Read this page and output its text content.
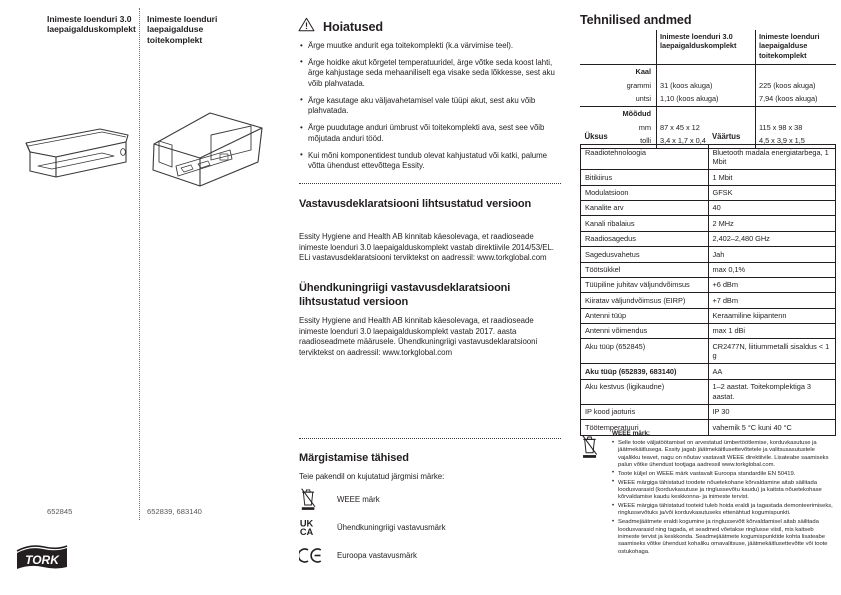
Inimeste loenduri 3.0 laepaigalduskomplekt
Inimeste loenduri laepaigalduse toitekomplekt
652845	652839, 683140
TORK
Hoiatused
• Ärge muutke andurit ega toitekomplekti (k.a värvimise teel).
• Ärge hoidke akut kõrgetel temperatuuridel, ärge võtke seda koost lahti, ärge kahjustage seda mehaaniliselt ega visake seda lõkkesse, sest aku võib plahvatada.
• Ärge kasutage aku väljavahetamisel vale tüüpi akut, sest aku võib plahvatada.
• Ärge puudutage anduri ümbrust või toitekomplekti ava, sest see võib mõjutada anduri tööd.
• Kui mõni komponentidest tundub olevat kahjustatud või katki, palume võtta ühendust ettevõttega Essity.
Vastavusdeklaratsiooni lihtsustatud versioon
Essity Hygiene and Health AB kinnitab käesolevaga, et raadioseade inimeste loenduri 3.0 laepaigalduskomplekt vastab direktiivile 2014/53/EL. ELi vastavusdeklaratsiooni terviktekst on aadressil: www.torkglobal.com
Ühendkuningriigi vastavusdeklaratsiooni lihtsustatud versioon
Essity Hygiene and Health AB kinnitab käesolevaga, et raadioseade inimeste loenduri 3.0 laepaigalduskomplekt vastab 2017. aasta raadioseadmete määrusele. Ühendkuningriigi vastavusdeklaratsiooni terviktekst on aadressil: www.torkglobal.com
Märgistamise tähised
Teie pakendil on kujutatud järgmisi märke:
WEEE märk
UK
CA	Ühendkuningriigi vastavusmärk
Euroopa vastavusmärk
Tehnilised andmed
	Inimeste loenduri 3.0 laepaigalduskomplekt	Inimeste loenduri laepaigalduse toitekomplekt
Kaal		
grammi	31 (koos akuga)	225 (koos akuga)
untsi	1,10 (koos akuga)	7,94 (koos akuga)
Mõõdud		
mm	87 x 45 x 12	115 x 98 x 38
tolli	3,4 x 1,7 x 0,4	4,5 x 3,9 x 1,5
Üksus	Väärtus
Raadiotehnoloogia	Bluetooth madala energiatarbega, 1 Mbit
Bitikiirus	1 Mbit
Modulatsioon	GFSK
Kanalite arv	40
Kanali ribalaius	2 MHz
Raadiosagedus	2,402–2,480 GHz
Sagedusvahetus	Jah
Töötsükkel	max 0,1%
Tüüpiline juhitav väljundvõimsus	+6 dBm
Kiiratav väljundvõimsus (EIRP)	+7 dBm
Antenni tüüp	Keraamiline kiipantenn
Antenni võimendus	max 1 dBi
Aku tüüp (652845)	CR2477N, liitiummetalli sisaldus < 1 g
Aku tüüp (652839, 683140)	AA
Aku kestvus (ligikaudne)	1–2 aastat. Toitekomplektiga 3 aastat.
IP kood jaoturis	IP 30
Töötemperatuuri	vahemik 5 °C kuni 40 °C
WEEE märk:
• Selle toote väljatöötamisel on arvestatud ümbertöötlemise, korduvkasutuse ja jäätmekäitlusega. Essity jagab jäätmekäitlusettevõtetele ja valitsusasutustele vajalikku teavet, nagu on nõutav vastavalt WEEE direktiivile. Lisateabe saamiseks palun võtke ühendust tootjaga aadressil www.torkglobal.com.
• Toote küljel on WEEE märk vastavalt Euroopa standardile EN 50419.
• WEEE märgiga tähistatud toodete nõuetekohane kõrvaldamine aitab säilitada loodusvarasid (korduvkasutuse ja ringlussevõtu kaudu) ja kaitsta nõuetekohase kõrvaldamise kaudu keskkonna- ja inimeste tervist.
• WEEE märgiga tähistatud tooteid tuleb hoida eraldi ja tagastada demonteerimiseks, ringlussevõtuks ja/või korduvkasutuseks ettenähtud kogumispunkti.
• Seadmejäätmete eraldi kogumine ja ringlussevõtt kõrvaldamisel aitab säilitada loodusvarasid ning tagada, et seadmed võetakse ringlusse viisil, mis kaitseb inimeste tervist ja keskkonda. Seadmejäätmete kogumispunktide kohta lisateabe saamiseks võtke ühendust kohaliku omavalitsuse, jäätmekäitlusettevõtte või toote ostukohaga.
